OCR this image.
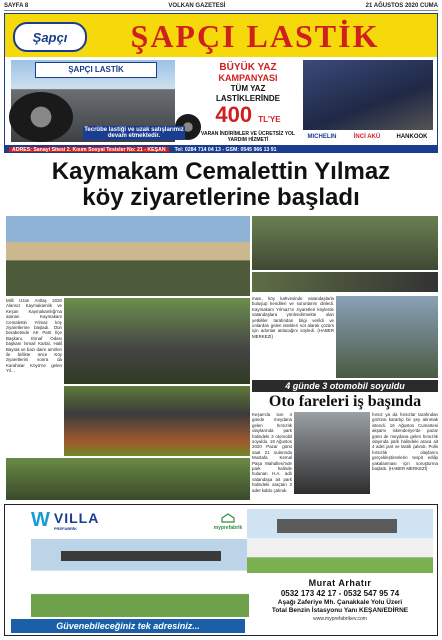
SAYFA 8	VOLKAN GAZETESİ	21 AĞUSTOS 2020 CUMA
Şapçı	ŞAPÇI LASTİK
ŞAPÇI LASTİK
Tecrübe lastiği ve uzak satışlarımız devam etmektedir.
BÜYÜK YAZ
KAMPANYASI
TÜM YAZ
LASTİKLERİNDE
400 TL'YE
VARAN İNDİRİMLER VE ÜCRETSİZ YOL YARDIM HİZMETİ	MICHELIN	İNCİ AKÜ	HANKOOK
ADRES: Sanayi Sitesi 2. Kısım Sosyal Tesisler No: 21 - KEŞAN	Tel: 0284 714 04 13 - GSM: 0545 966 13 91
Kaymakam Cemalettin Yılmaz
köy ziyaretlerine başladı
Milli Uzan Antlaş 2020 Alansız Kaymakamlık ve Keşan Kaymakamlığı'na atanan Kaymakam Cemalettin Yılmaz köy ziyaretlerine başladı. Dün berabetinde AK Parti İlçe Başkanı, Esnaf Odası başkanı İsmail Kartal, Halil Bayrak ve bazı daire amirleri ile birlikte önce Köy ziyaretlerini sonra da Karahisar Köyü'ne gelen Yıl...
ması, köy kahvesinde vatandaşlarla buluşup kendileri ve sorunlarını dinledi. Kaymakam Yılmaz'ın ziyaretleri köylerde vatandaşlara yönlendirmekte olan yetkililer tarafından bilgi verildi ve onlardan gelen istekleri not alarak çözüm için adımlar atılacağını söyledi. (HABER MERKEZİ)
4 günde 3 otomobil soyuldu
Oto fareleri iş başında
Keşan'da son 4 günde meydana gelen hırsızlık olaylarında park halindeki 3 otomobil soyuldu. 18 Ağustos 2020 Pazar günü saat 21 sularında Mustafa Kemal Paşa Mahallesi'nde park halinde bulunan H.A. adlı vatandaşa ait park halindeki araçtan 3 adet kablo çalındı.
hırsız ya da hırsızlar tarafından gözünü karartıp bir şey alınmak istendi. 16 Ağustos Cumartesi akşamı iskenderiye'de pazar günü de meydana gelen hırsızlık olayında park halindeki araca ait 4 adet jant ve lastik çalındı. Polis hırsızlık olaylarını gerçekleştirenlerin tespit edilip yakalanması için soruşturma başlattı. (HABER MERKEZİ)
W VILLA
PREFABRİK	myprefabrik
Güvenebileceğiniz tek adresiniz...
Murat Arhatır
0532 173 42 17 - 0532 547 95 74
Aşağı Zaferiye Mh. Çanakkale Yolu Üzeri
Total Benzin İstasyonu Yanı KEŞAN/EDİRNE
www.myprefabrikev.com
